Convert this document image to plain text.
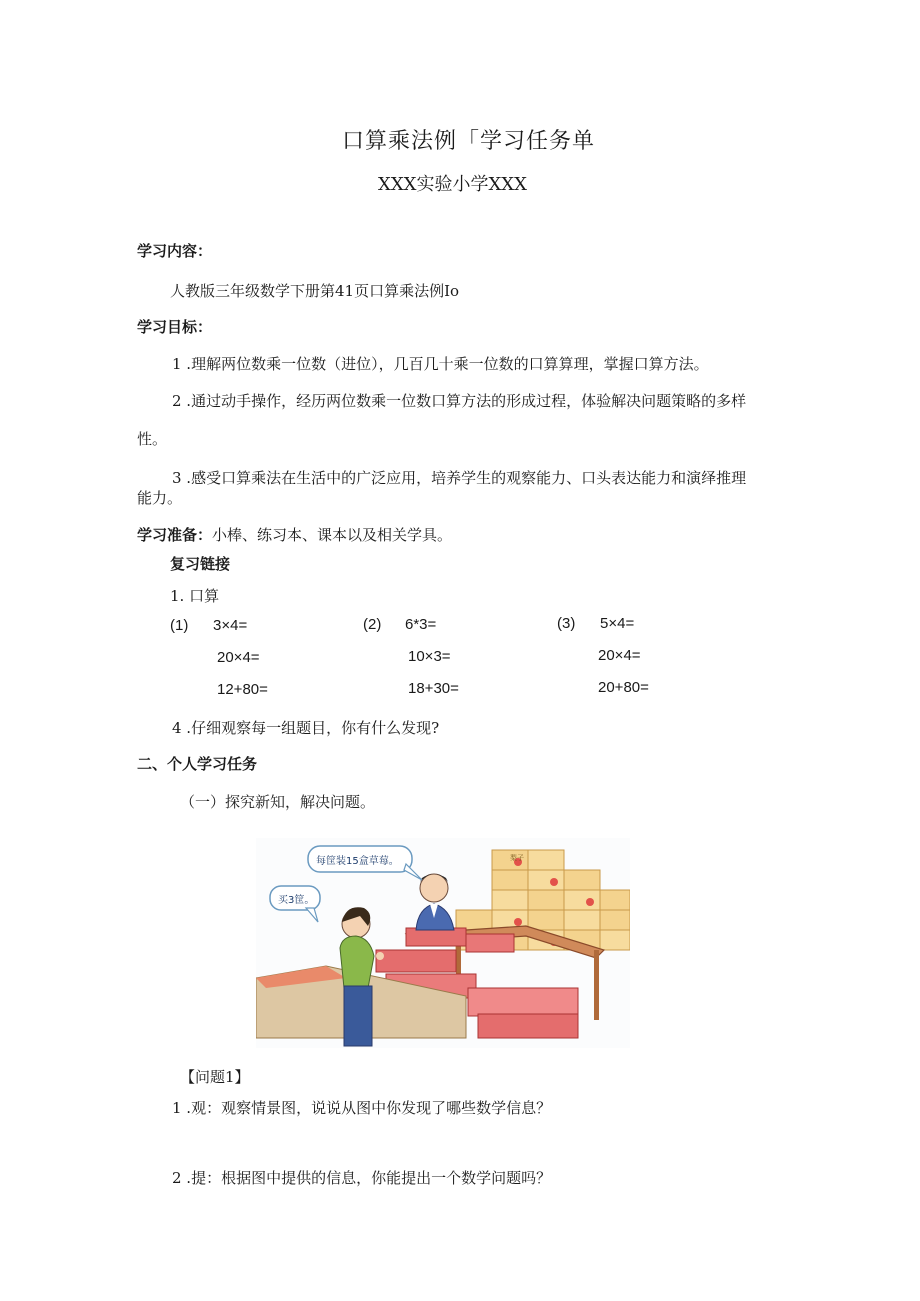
口算乘法例「学习任务单
XXX实验小学XXX
学习内容：
人教版三年级数学下册第41页口算乘法例Io
学习目标：
1 .理解两位数乘一位数（进位），几百几十乘一位数的口算算理，掌握口算方法。
2 .通过动手操作，经历两位数乘一位数口算方法的形成过程，体验解决问题策略的多样
性。
3 .感受口算乘法在生活中的广泛应用，培养学生的观察能力、口头表达能力和演绎推理
能力。
学习准备：小棒、练习本、课本以及相关学具。
复习链接
1. 口算
(1) 3×4=
20×4=
12+80=
(2) 6*3=
10×3=
18+30=
(3) 5×4=
20×4=
20+80=
4 .仔细观察每一组题目，你有什么发现?
二、个人学习任务
（一）探究新知，解决问题。
梨子
买3筐。
每筐装15盒草莓。
【问题1】
1 .观：观察情景图，说说从图中你发现了哪些数学信息？
2 .提：根据图中提供的信息，你能提出一个数学问题吗？
